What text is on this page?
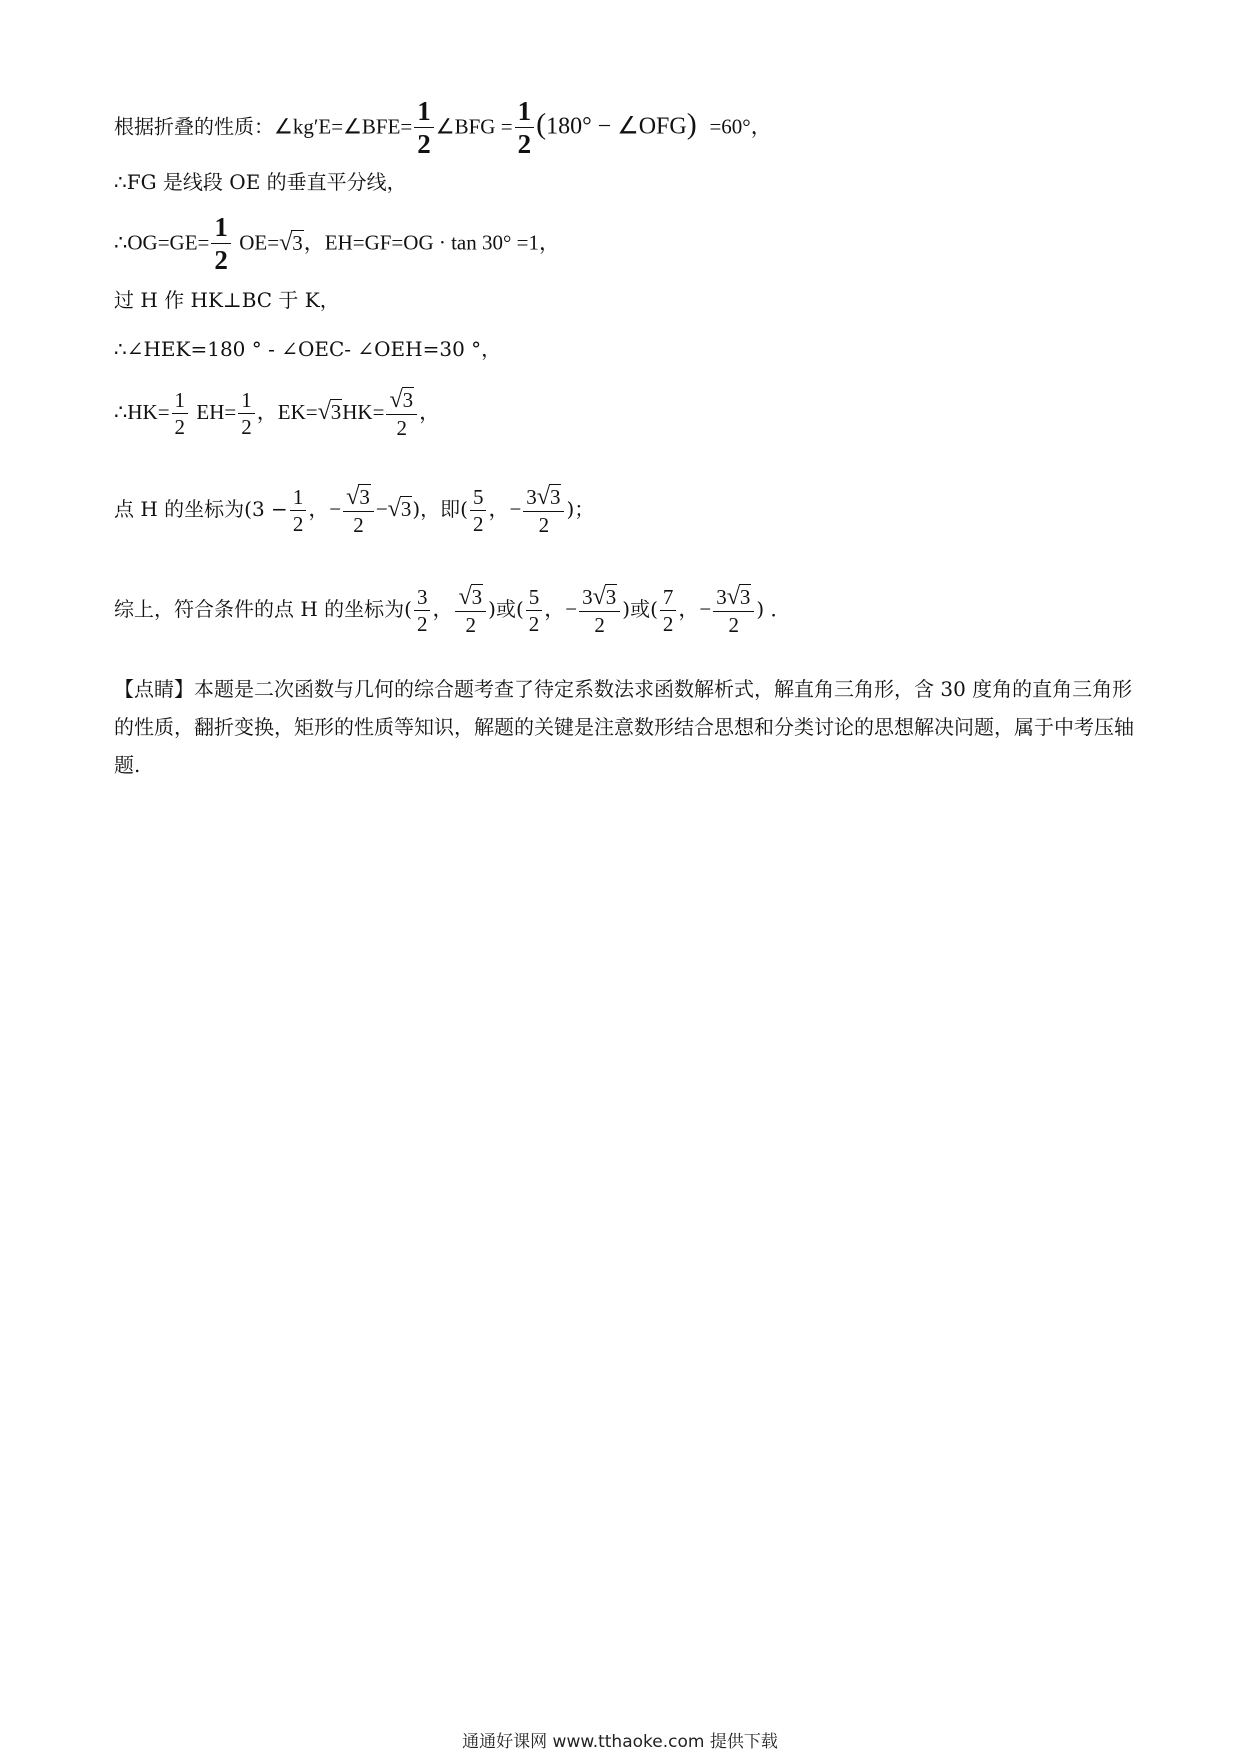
根据折叠的性质：∠kg′E=∠BFE= $\frac{1}{2}$ ∠BFG = $\frac{1}{2} (180^\circ$ − ∠OFG) =60°，
∴FG 是线段 OE 的垂直平分线，
∴OG=GE= $\frac{1}{2} OE=√3$，EH=GF=OG · tan 30° =1，
过 H 作 HK⊥BC 于 K，
∴∠HEK=180 ° - ∠OEC- ∠OEH=30 °，
∴HK= $\frac{1}{2} EH= \frac{1}{2}$ ，$EK=√3HK= \frac{√3}{2}$ ，
点 H 的坐标为($3 - \frac{1}{2}$ ，− $\frac{√3}{2} -√3$)，即( $\frac{5}{2}$ ，− $\frac{3√3}{2}$ )；
综上，符合条件的点 H 的坐标为( $\frac{3}{2}$ ， $\frac{√3}{2}$ )或( $\frac{5}{2}$ ，− $\frac{3√3}{2}$ )或( $\frac{7}{2}$ ，− $\frac{3√3}{2}$ ) ．
【点睛】本题是二次函数与几何的综合题考查了待定系数法求函数解析式，解直角三角形，含 30 度角的直角三角形的性质，翻折变换，矩形的性质等知识，解题的关键是注意数形结合思想和分类讨论的思想解决问题，属于中考压轴题.
通通好课网 www.tthaoke.com 提供下载
